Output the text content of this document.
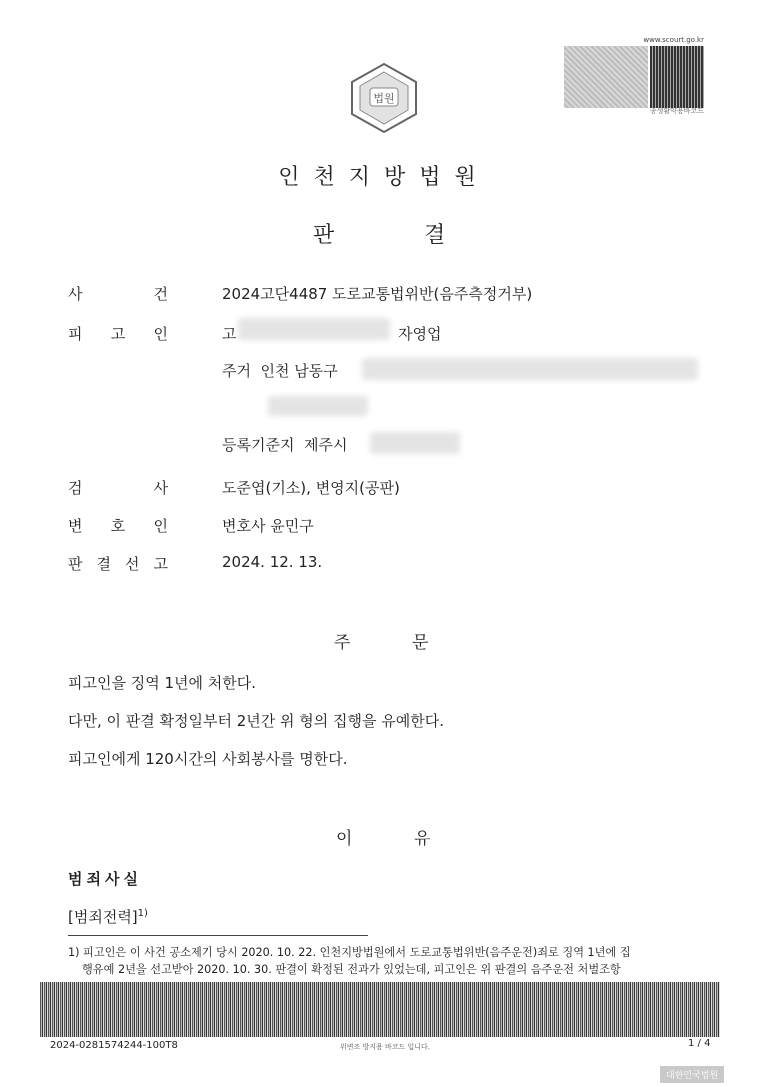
법원
www.scourt.go.kr
종생활약용바코드
인천지방법원
판	결
사	건	2024고단4487 도로교통법위반(음주측정거부)
피 고 인	고	자영업
주거 인천 남동구
등록기준지 제주시
검	사	도준엽(기소), 변영지(공판)
변 호 인	변호사 윤민구
판 결 선 고	2024. 12. 13.
주	문
피고인을 징역 1년에 처한다.
다만, 이 판결 확정일부터 2년간 위 형의 집행을 유예한다.
피고인에게 120시간의 사회봉사를 명한다.
이	유
범죄사실
[범죄전력]$^{1)}$
1) 피고인은 이 사건 공소제기 당시 2020. 10. 22. 인천지방법원에서 도로교통법위반(음주운전)죄로 징역 1년에 집
행유예 2년을 선고받아 2020. 10. 30. 판결이 확정된 전과가 있었는데, 피고인은 위 판결의 음주운전 처벌조항
2024-0281574244-100T8	위변조 방지용 바코드 입니다.	1 / 4
대한민국법원
